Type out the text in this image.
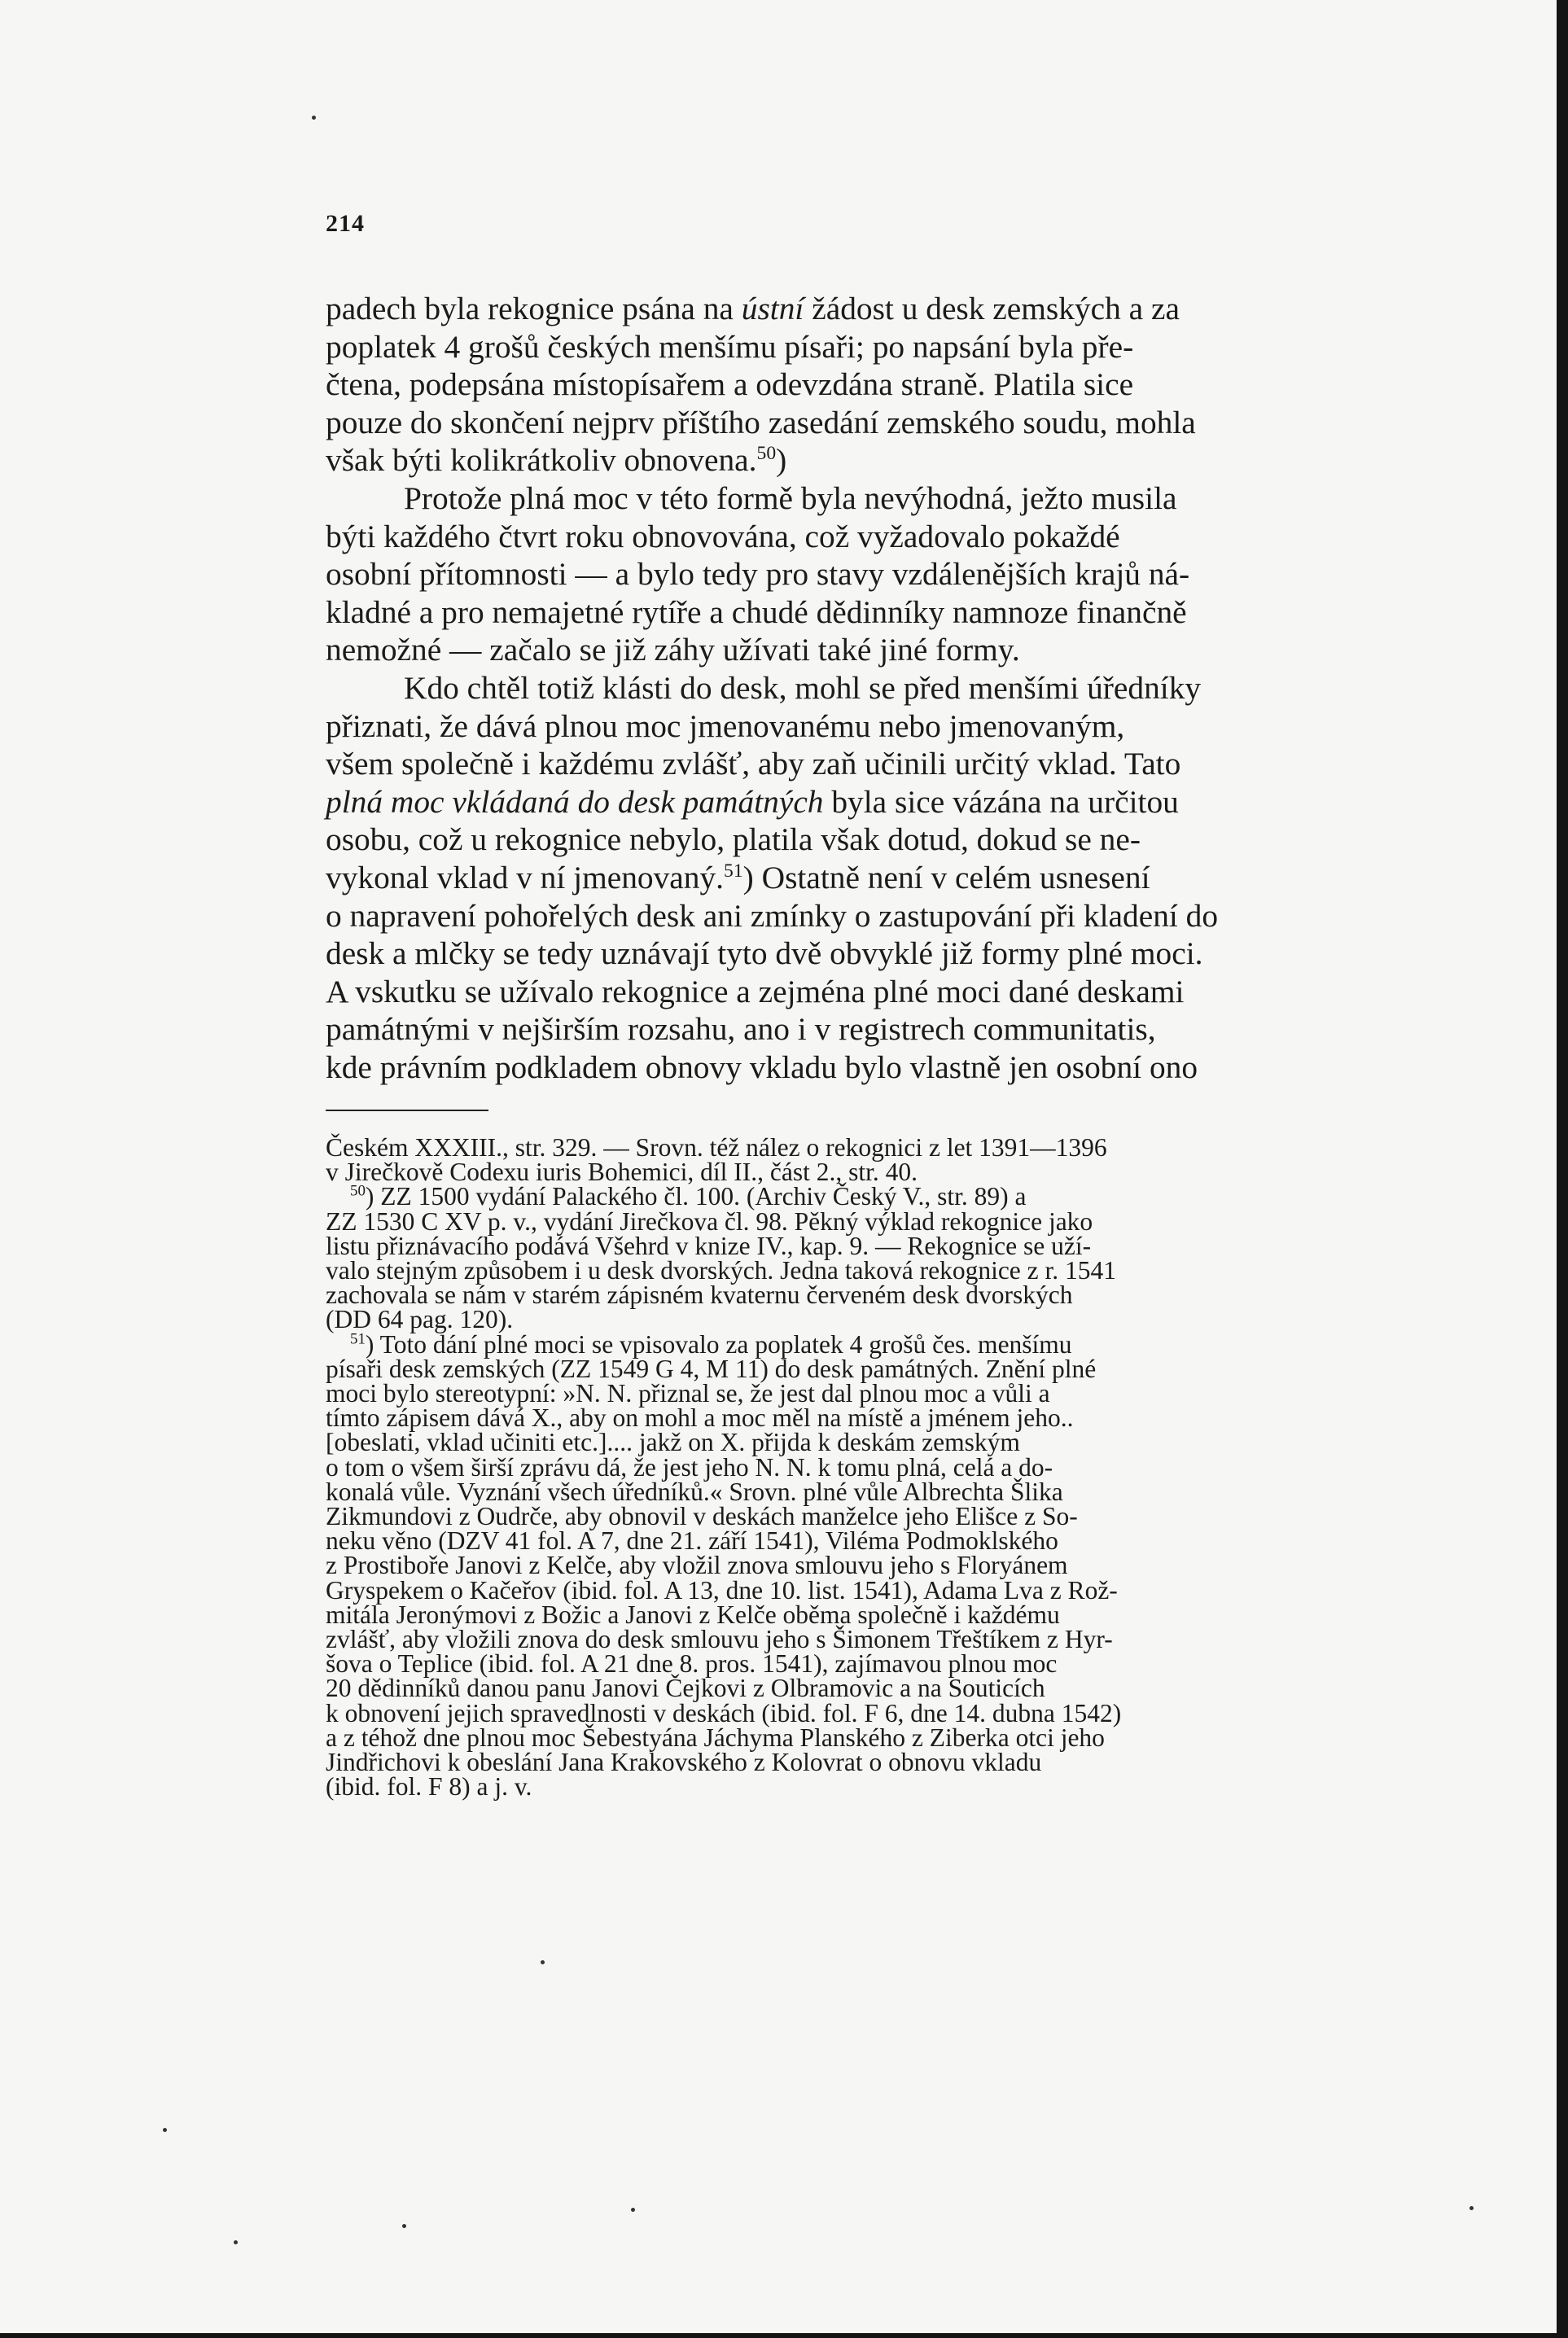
214
padech byla rekognice psána na ústní žádost u desk zemských a za
poplatek 4 grošů českých menšímu písaři; po napsání byla pře-
čtena, podepsána místopísařem a odevzdána straně. Platila sice
pouze do skončení nejprv příštího zasedání zemského soudu, mohla
však býti kolikrátkoliv obnovena.$^{50}$)
Protože plná moc v této formě byla nevýhodná, ježto musila
býti každého čtvrt roku obnovována, což vyžadovalo pokaždé
osobní přítomnosti — a bylo tedy pro stavy vzdálenějších krajů ná-
kladné a pro nemajetné rytíře a chudé dědinníky namnoze finančně
nemožné — začalo se již záhy užívati také jiné formy.
Kdo chtěl totiž klásti do desk, mohl se před menšími úředníky
přiznati, že dává plnou moc jmenovanému nebo jmenovaným,
všem společně i každému zvlášť, aby zaň učinili určitý vklad. Tato
plná moc vkládaná do desk památných byla sice vázána na určitou
osobu, což u rekognice nebylo, platila však dotud, dokud se ne-
vykonal vklad v ní jmenovaný.$^{51}$) Ostatně není v celém usnesení
o napravení pohořelých desk ani zmínky o zastupování při kladení do
desk a mlčky se tedy uznávají tyto dvě obvyklé již formy plné moci.
A vskutku se užívalo rekognice a zejména plné moci dané deskami
památnými v nejširším rozsahu, ano i v registrech communitatis,
kde právním podkladem obnovy vkladu bylo vlastně jen osobní ono
Českém XXXIII., str. 329. — Srovn. též nález o rekognici z let 1391—1396
v Jirečkově Codexu iuris Bohemici, díl II., část 2., str. 40.
$^{50}$) ZZ 1500 vydání Palackého čl. 100. (Archiv Český V., str. 89) a
ZZ 1530 C XV p. v., vydání Jirečkova čl. 98. Pěkný výklad rekognice jako
listu přiznávacího podává Všehrd v knize IV., kap. 9. — Rekognice se uží-
valo stejným způsobem i u desk dvorských. Jedna taková rekognice z r. 1541
zachovala se nám v starém zápisném kvaternu červeném desk dvorských
(DD 64 pag. 120).
$^{51}$) Toto dání plné moci se vpisovalo za poplatek 4 grošů čes. menšímu
písaři desk zemských (ZZ 1549 G 4, M 11) do desk památných. Znění plné
moci bylo stereotypní: »N. N. přiznal se, že jest dal plnou moc a vůli a
tímto zápisem dává X., aby on mohl a moc měl na místě a jménem jeho..
[obeslati, vklad učiniti etc.].... jakž on X. přijda k deskám zemským
o tom o všem širší zprávu dá, že jest jeho N. N. k tomu plná, celá a do-
konalá vůle. Vyznání všech úředníků.« Srovn. plné vůle Albrechta Šlika
Zikmundovi z Oudrče, aby obnovil v deskách manželce jeho Elišce z So-
neku věno (DZV 41 fol. A 7, dne 21. září 1541), Viléma Podmoklského
z Prostiboře Janovi z Kelče, aby vložil znova smlouvu jeho s Floryánem
Gryspekem o Kačeřov (ibid. fol. A 13, dne 10. list. 1541), Adama Lva z Rož-
mitála Jeronýmovi z Božic a Janovi z Kelče oběma společně i každému
zvlášť, aby vložili znova do desk smlouvu jeho s Šimonem Třeštíkem z Hyr-
šova o Teplice (ibid. fol. A 21 dne 8. pros. 1541), zajímavou plnou moc
20 dědinníků danou panu Janovi Čejkovi z Olbramovic a na Souticích
k obnovení jejich spravedlnosti v deskách (ibid. fol. F 6, dne 14. dubna 1542)
a z téhož dne plnou moc Šebestyána Jáchyma Planského z Ziberka otci jeho
Jindřichovi k obeslání Jana Krakovského z Kolovrat o obnovu vkladu
(ibid. fol. F 8) a j. v.
